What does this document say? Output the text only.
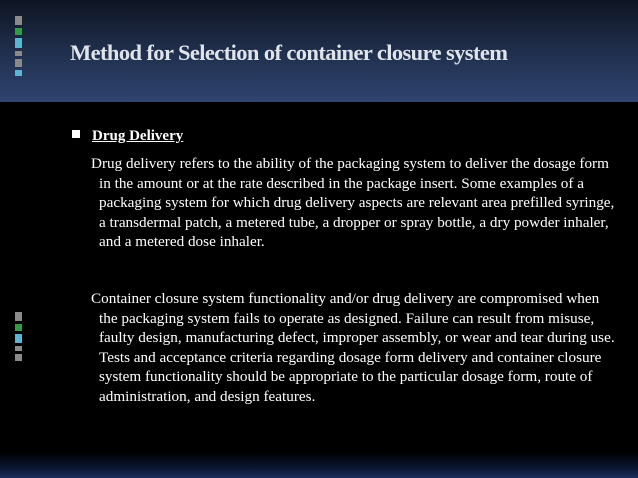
Method for Selection of container closure system
Drug Delivery
Drug delivery refers to the ability of the packaging system to deliver the dosage form in the amount or at the rate described in the package insert. Some examples of a packaging system for which drug delivery aspects are relevant area prefilled syringe, a transdermal patch, a metered tube, a dropper or spray bottle, a dry powder inhaler, and a metered dose inhaler.
Container closure system functionality and/or drug delivery are compromised when the packaging system fails to operate as designed. Failure can result from misuse, faulty design, manufacturing defect, improper assembly, or wear and tear during use. Tests and acceptance criteria regarding dosage form delivery and container closure system functionality should be appropriate to the particular dosage form, route of administration, and design features.
